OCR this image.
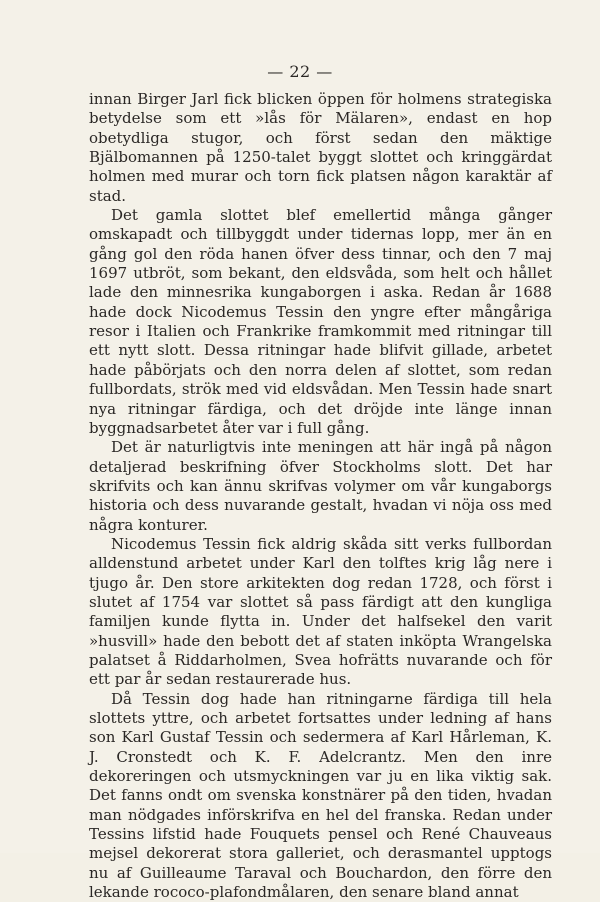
— 22 —

innan Birger Jarl fick blicken öppen för holmens strategiska betydelse som ett »lås för Mälaren», endast en hop obetydliga stugor, och först sedan den mäktige Bjälbomannen på 1250-talet byggt slottet och kringgärdat holmen med murar och torn fick platsen någon karaktär af stad.

Det gamla slottet blef emellertid många gånger omskapadt och tillbyggdt under tidernas lopp, mer än en gång gol den röda hanen öfver dess tinnar, och den 7 maj 1697 utbröt, som bekant, den eldsvåda, som helt och hållet lade den minnesrika kungaborgen i aska. Redan år 1688 hade dock Nicodemus Tessin den yngre efter mångåriga resor i Italien och Frankrike framkommit med ritningar till ett nytt slott. Dessa ritningar hade blifvit gillade, arbetet hade påbörjats och den norra delen af slottet, som redan fullbordats, strök med vid eldsvådan. Men Tessin hade snart nya ritningar färdiga, och det dröjde inte länge innan byggnadsarbetet åter var i full gång.

Det är naturligtvis inte meningen att här ingå på någon detaljerad beskrifning öfver Stockholms slott. Det har skrifvits och kan ännu skrifvas volymer om vår kungaborgs historia och dess nuvarande gestalt, hvadan vi nöja oss med några konturer.

Nicodemus Tessin fick aldrig skåda sitt verks fullbordan alldenstund arbetet under Karl den tolftes krig låg nere i tjugo år. Den store arkitekten dog redan 1728, och först i slutet af 1754 var slottet så pass färdigt att den kungliga familjen kunde flytta in. Under det halfsekel den varit »husvill» hade den bebott det af staten inköpta Wrangelska palatset å Riddarholmen, Svea hofrätts nuvarande och för ett par år sedan restaurerade hus.

Då Tessin dog hade han ritningarne färdiga till hela slottets yttre, och arbetet fortsattes under ledning af hans son Karl Gustaf Tessin och sedermera af Karl Hårleman, K. J. Cronstedt och K. F. Adelcrantz. Men den inre dekoreringen och utsmyckningen var ju en lika viktig sak. Det fanns ondt om svenska konstnärer på den tiden, hvadan man nödgades införskrifva en hel del franska. Redan under Tessins lifstid hade Fouquets pensel och René Chauveaus mejsel dekorerat stora galleriet, och derasmantel upptogs nu af Guilleaume Taraval och Bouchardon, den förre den lekande rococo-plafondmålaren, den senare bland annat
